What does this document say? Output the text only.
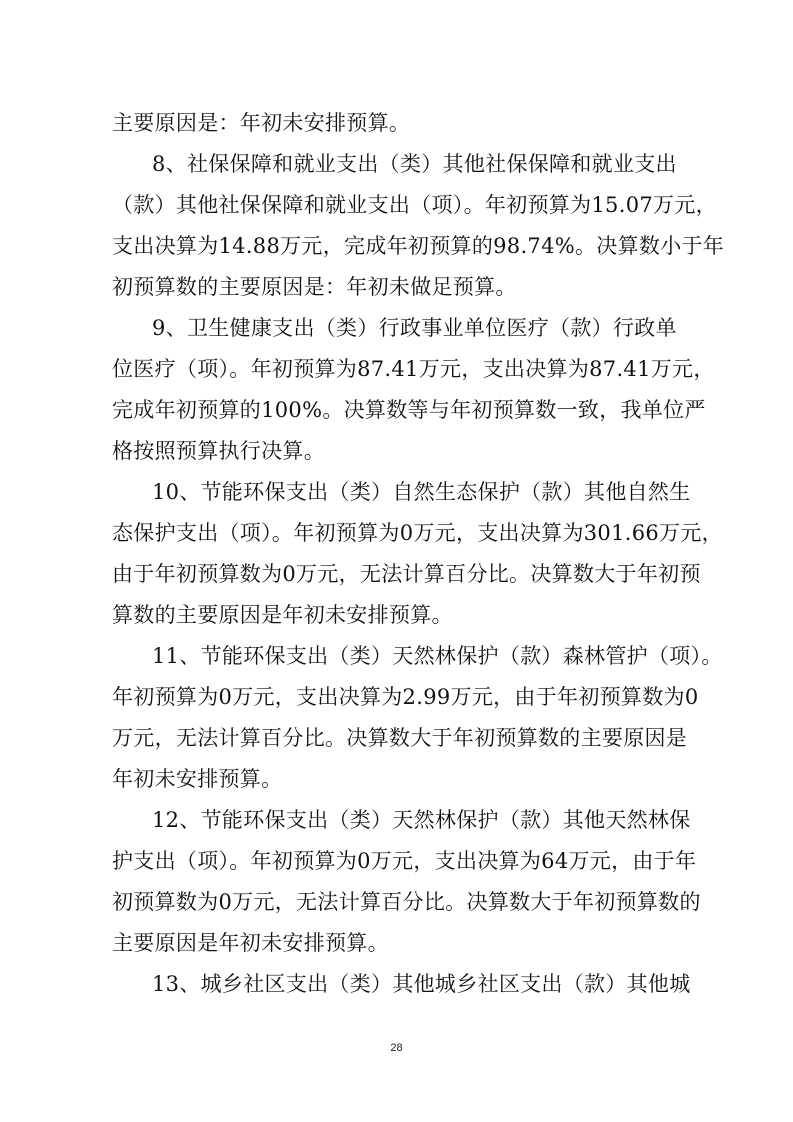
主要原因是：年初未安排预算。
8、社保保障和就业支出（类）其他社保保障和就业支出
（款）其他社保保障和就业支出（项）。年初预算为15.07万元，
支出决算为14.88万元，完成年初预算的98.74%。决算数小于年
初预算数的主要原因是：年初未做足预算。
9、卫生健康支出（类）行政事业单位医疗（款）行政单
位医疗（项）。年初预算为87.41万元，支出决算为87.41万元，
完成年初预算的100%。决算数等与年初预算数一致，我单位严
格按照预算执行决算。
10、节能环保支出（类）自然生态保护（款）其他自然生
态保护支出（项）。年初预算为0万元，支出决算为301.66万元，
由于年初预算数为0万元，无法计算百分比。决算数大于年初预
算数的主要原因是年初未安排预算。
11、节能环保支出（类）天然林保护（款）森林管护（项）。
年初预算为0万元，支出决算为2.99万元，由于年初预算数为0
万元，无法计算百分比。决算数大于年初预算数的主要原因是
年初未安排预算。
12、节能环保支出（类）天然林保护（款）其他天然林保
护支出（项）。年初预算为0万元，支出决算为64万元，由于年
初预算数为0万元，无法计算百分比。决算数大于年初预算数的
主要原因是年初未安排预算。
13、城乡社区支出（类）其他城乡社区支出（款）其他城
28
